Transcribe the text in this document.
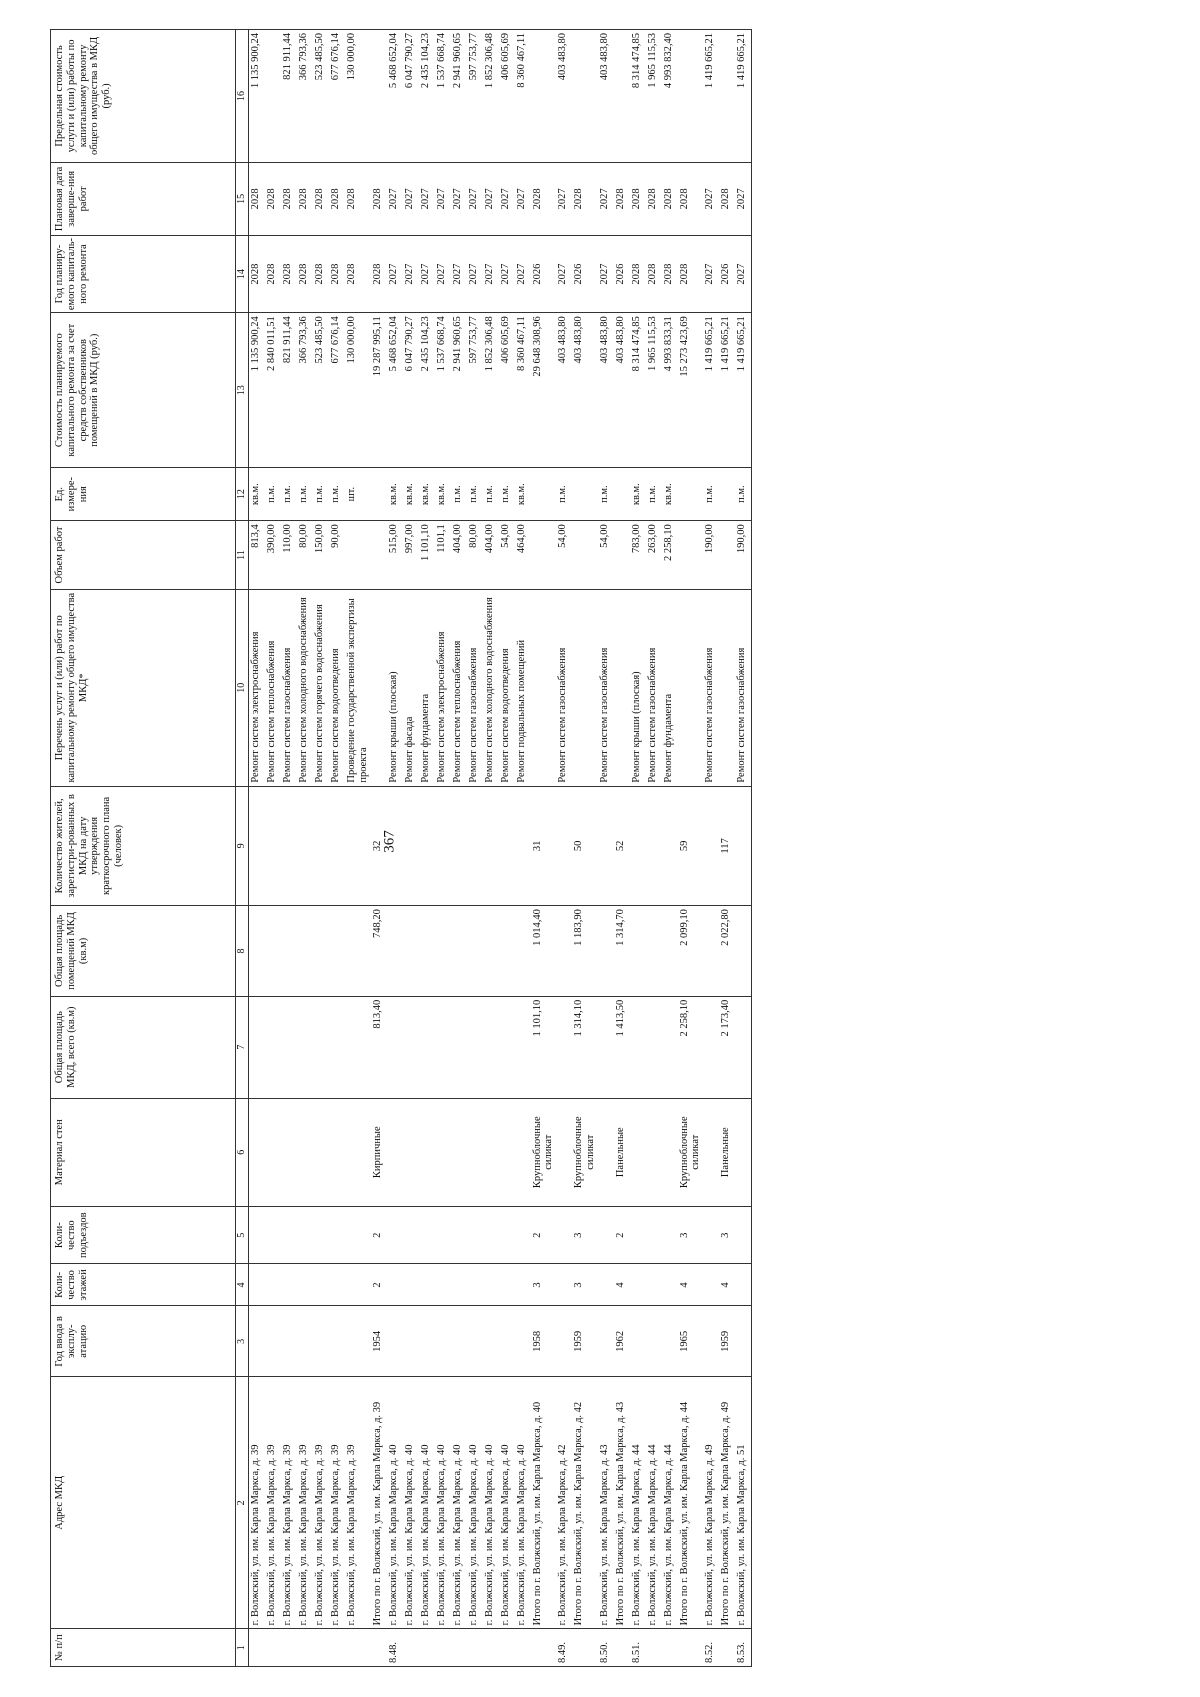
367
№ п/п	Адрес МКД	Год ввода в эксплу-атацию	Коли-чество этажей	Коли-чество подъездов	Материал стен	Общая площадь МКД, всего (кв.м)	Общая площадь помещений МКД (кв.м)	Количество жителей, зарегистри-рованных в МКД на дату утверждения краткосрочного плана (человек)	Перечень услуг и (или) работ по капитальному ремонту общего имущества МКД*	Объем работ	Ед. измере-ния	Стоимость планируемого капитального ремонта за счет средств собственников помещений в МКД (руб.)	Год планиру-емого капиталь-ного ремонта	Плановая дата заверше-ния работ	Предельная стоимость услуги и (или) работы по капитальному ремонту общего имущества в МКД (руб.)
1	2	3	4	5	6	7	8	9	10	11	12	13	14	15	16
	г. Волжский, ул. им. Карла Маркса, д. 39								Ремонт систем электроснабжения	813,4	кв.м.	1 135 900,24	2028	2028	1 135 900,24
	г. Волжский, ул. им. Карла Маркса, д. 39								Ремонт систем теплоснабжения	390,00	п.м.	2 840 011,51	2028	2028	
	г. Волжский, ул. им. Карла Маркса, д. 39								Ремонт систем газоснабжения	110,00	п.м.	821 911,44	2028	2028	821 911,44
	г. Волжский, ул. им. Карла Маркса, д. 39								Ремонт систем холодного водоснабжения	80,00	п.м.	366 793,36	2028	2028	366 793,36
	г. Волжский, ул. им. Карла Маркса, д. 39								Ремонт систем горячего водоснабжения	150,00	п.м.	523 485,50	2028	2028	523 485,50
	г. Волжский, ул. им. Карла Маркса, д. 39								Ремонт систем водоотведения	90,00	п.м.	677 676,14	2028	2028	677 676,14
	г. Волжский, ул. им. Карла Маркса, д. 39								Проведение государственной экспертизы проекта		шт.	130 000,00	2028	2028	130 000,00
	Итого по г. Волжский, ул. им. Карла Маркса, д. 39	1954	2	2	Кирпичные	813,40	748,20	32				19 287 995,11	2028	2028	
8.48.	г. Волжский, ул. им. Карла Маркса, д. 40								Ремонт крыши (плоская)	515,00	кв.м.	5 468 652,04	2027	2027	5 468 652,04
	г. Волжский, ул. им. Карла Маркса, д. 40								Ремонт фасада	997,00	кв.м.	6 047 790,27	2027	2027	6 047 790,27
	г. Волжский, ул. им. Карла Маркса, д. 40								Ремонт фундамента	1 101,10	кв.м.	2 435 104,23	2027	2027	2 435 104,23
	г. Волжский, ул. им. Карла Маркса, д. 40								Ремонт систем электроснабжения	1101,1	кв.м.	1 537 668,74	2027	2027	1 537 668,74
	г. Волжский, ул. им. Карла Маркса, д. 40								Ремонт систем теплоснабжения	404,00	п.м.	2 941 960,65	2027	2027	2 941 960,65
	г. Волжский, ул. им. Карла Маркса, д. 40								Ремонт систем газоснабжения	80,00	п.м.	597 753,77	2027	2027	597 753,77
	г. Волжский, ул. им. Карла Маркса, д. 40								Ремонт систем холодного водоснабжения	404,00	п.м.	1 852 306,48	2027	2027	1 852 306,48
	г. Волжский, ул. им. Карла Маркса, д. 40								Ремонт систем водоотведения	54,00	п.м.	406 605,69	2027	2027	406 605,69
	г. Волжский, ул. им. Карла Маркса, д. 40								Ремонт подвальных помещений	464,00	кв.м.	8 360 467,11	2027	2027	8 360 467,11
	Итого по г. Волжский, ул. им. Карла Маркса, д. 40	1958	3	2	Крупноблочные силикат	1 101,10	1 014,40	31				29 648 308,96	2026	2028	
8.49.	г. Волжский, ул. им. Карла Маркса, д. 42								Ремонт систем газоснабжения	54,00	п.м.	403 483,80	2027	2027	403 483,80
	Итого по г. Волжский, ул. им. Карла Маркса, д. 42	1959	3	3	Крупноблочные силикат	1 314,10	1 183,90	50				403 483,80	2026	2028	
8.50.	г. Волжский, ул. им. Карла Маркса, д. 43								Ремонт систем газоснабжения	54,00	п.м.	403 483,80	2027	2027	403 483,80
	Итого по г. Волжский, ул. им. Карла Маркса, д. 43	1962	4	2	Панельные	1 413,50	1 314,70	52				403 483,80	2026	2028	
8.51.	г. Волжский, ул. им. Карла Маркса, д. 44								Ремонт крыши (плоская)	783,00	кв.м.	8 314 474,85	2028	2028	8 314 474,85
	г. Волжский, ул. им. Карла Маркса, д. 44								Ремонт систем газоснабжения	263,00	п.м.	1 965 115,53	2028	2028	1 965 115,53
	г. Волжский, ул. им. Карла Маркса, д. 44								Ремонт фундамента	2 258,10	кв.м.	4 993 833,31	2028	2028	4 993 832,40
	Итого по г. Волжский, ул. им. Карла Маркса, д. 44	1965	4	3	Крупноблочные силикат	2 258,10	2 099,10	59				15 273 423,69	2028	2028	
8.52.	г. Волжский, ул. им. Карла Маркса, д. 49								Ремонт систем газоснабжения	190,00	п.м.	1 419 665,21	2027	2027	1 419 665,21
	Итого по г. Волжский, ул. им. Карла Маркса, д. 49	1959	4	3	Панельные	2 173,40	2 022,80	117				1 419 665,21	2026	2028	
8.53.	г. Волжский, ул. им. Карла Маркса, д. 51								Ремонт систем газоснабжения	190,00	п.м.	1 419 665,21	2027	2027	1 419 665,21
